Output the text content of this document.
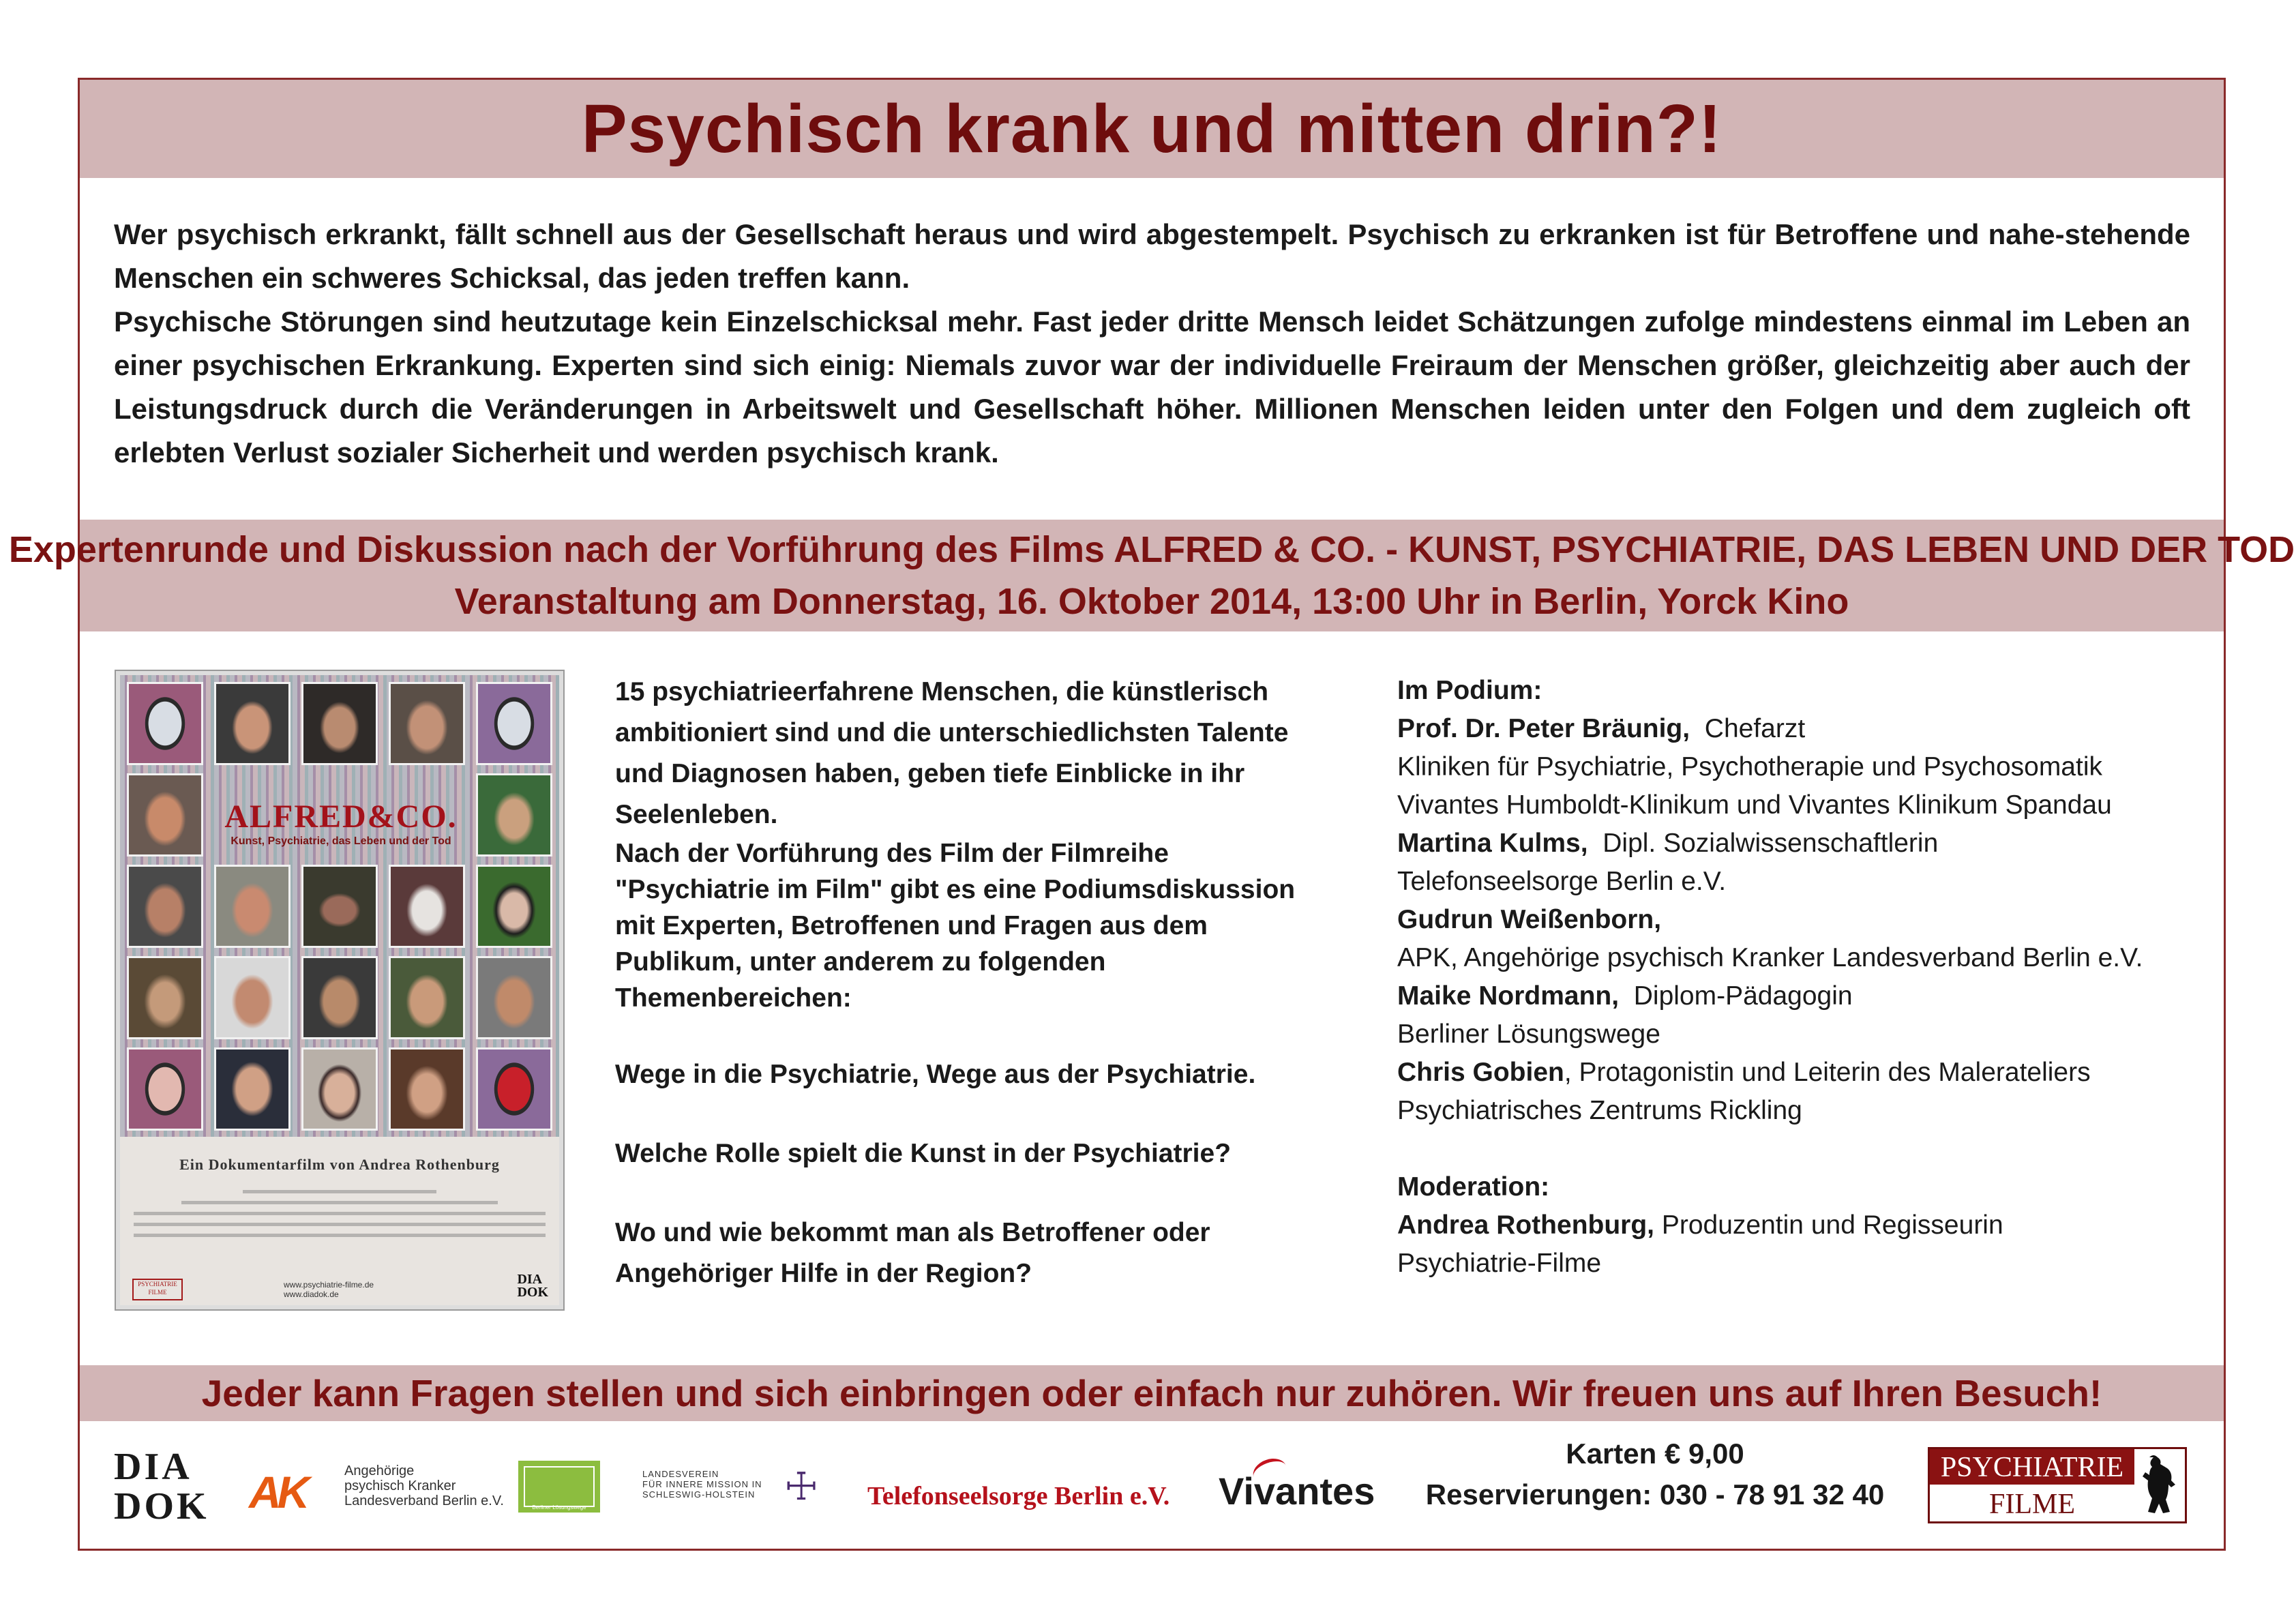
Psychisch krank und mitten drin?!

Wer psychisch erkrankt, fällt schnell aus der Gesellschaft heraus und wird abgestempelt. Psychisch zu erkranken ist für Betroffene und nahe-stehende Menschen ein schweres Schicksal, das jeden treffen kann.

Psychische Störungen sind heutzutage kein Einzelschicksal mehr. Fast jeder dritte Mensch leidet Schätzungen zufolge mindestens einmal im Leben an einer psychischen Erkrankung. Experten sind sich einig: Niemals zuvor war der individuelle Freiraum der Menschen größer, gleichzeitig aber auch der Leistungsdruck durch die Veränderungen in Arbeitswelt und Gesellschaft höher. Millionen Menschen leiden unter den Folgen und dem zugleich oft erlebten Verlust sozialer Sicherheit und werden psychisch krank.

Expertenrunde und Diskussion nach der Vorführung des Films ALFRED & CO. - KUNST, PSYCHIATRIE, DAS LEBEN UND DER TOD
Veranstaltung am Donnerstag, 16. Oktober 2014, 13:00 Uhr in Berlin, Yorck Kino
ALFRED&CO.
Kunst, Psychiatrie, das Leben und der Tod
Ein Dokumentarfilm von Andrea Rothenburg
PSYCHIATRIE FILME
www.psychiatrie-filme.de
www.diadok.de
DIA
DOK

15 psychiatrieerfahrene Menschen, die künstlerisch ambitioniert sind und die unterschiedlichsten Talente und Diagnosen haben, geben tiefe Einblicke in ihr Seelenleben.

Nach der Vorführung des Film der Filmreihe "Psychiatrie im Film" gibt es eine Podiumsdiskussion mit Experten, Betroffenen und Fragen aus dem Publikum, unter anderem zu folgenden Themenbereichen:

Wege in die Psychiatrie, Wege aus der Psychiatrie.

Welche Rolle spielt die Kunst in der Psychiatrie?

Wo und wie bekommt man als Betroffener oder Angehöriger Hilfe in der Region?

Im Podium:
Prof. Dr. Peter Bräunig, Chefarzt
Kliniken für Psychiatrie, Psychotherapie und Psychosomatik
Vivantes Humboldt-Klinikum und Vivantes Klinikum Spandau
Martina Kulms, Dipl. Sozialwissenschaftlerin
Telefonseelsorge Berlin e.V.
Gudrun Weißenborn,
APK, Angehörige psychisch Kranker Landesverband Berlin e.V.
Maike Nordmann, Diplom-Pädagogin
Berliner Lösungswege
Chris Gobien, Protagonistin und Leiterin des Malerateliers
Psychiatrisches Zentrums Rickling

Moderation:
Andrea Rothenburg, Produzentin und Regisseurin
Psychiatrie-Filme
Jeder kann Fragen stellen und sich einbringen oder einfach nur zuhören. Wir freuen uns auf Ihren Besuch!
DIA
DOK AK	Angehörige
psychisch Kranker
Landesverband Berlin e.V.	Berliner Lösungswege
LANDESVEREIN
FÜR INNERE MISSION IN
SCHLESWIG-HOLSTEIN ☩ Telefonseelsorge Berlin e.V. Vivantes
Karten € 9,00
Reservierungen: 030 - 78 91 32 40
PSYCHIATRIE
FILME
